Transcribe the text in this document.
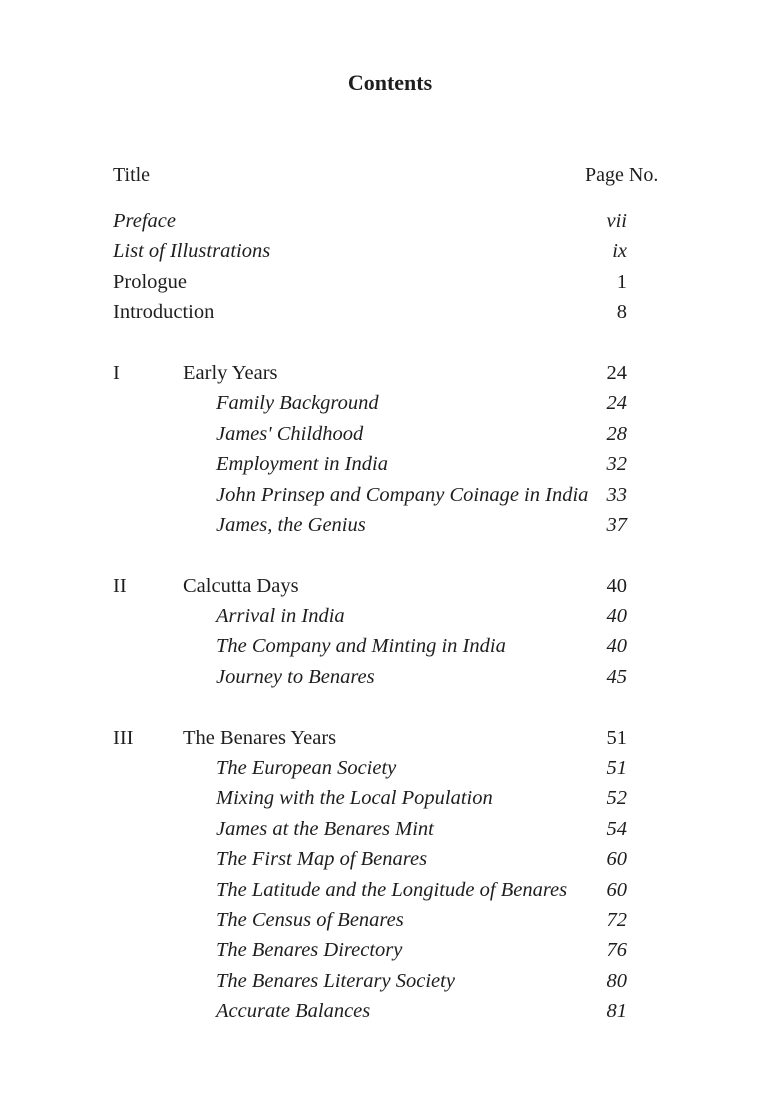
Contents
Title	Page No.
Preface	vii
List of Illustrations	ix
Prologue	1
Introduction	8
I	Early Years	24
Family Background	24
James' Childhood	28
Employment in India	32
John Prinsep and Company Coinage in India 33
James, the Genius	37
II	Calcutta Days	40
Arrival in India	40
The Company and Minting in India	40
Journey to Benares	45
III The Benares Years	51
The European Society	51
Mixing with the Local Population	52
James at the Benares Mint	54
The First Map of Benares	60
The Latitude and the Longitude of Benares 60
The Census of Benares	72
The Benares Directory	76
The Benares Literary Society	80
Accurate Balances	81
